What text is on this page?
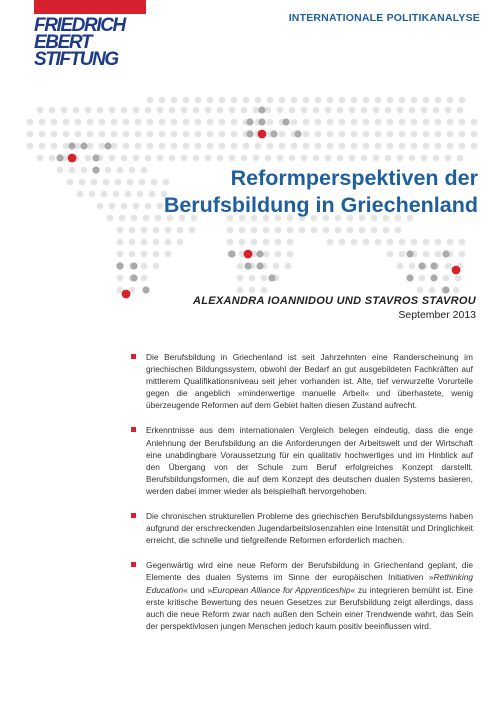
FRIEDRICH
EBERT
STIFTUNG
INTERNATIONALE POLITIKANALYSE
Reformperspektiven der
Berufsbildung in Griechenland
ALEXANDRA IOANNIDOU UND STAVROS STAVROU
September 2013
Die Berufsbildung in Griechenland ist seit Jahrzehnten eine Randerscheinung im griechischen Bildungssystem, obwohl der Bedarf an gut ausgebildeten Fachkräften auf mittlerem Qualifikationsniveau seit jeher vorhanden ist. Alte, tief verwurzelte Vorurteile gegen die angeblich »minderwertige manuelle Arbeit« und überhastete, wenig überzeugende Reformen auf dem Gebiet halten diesen Zustand aufrecht.
Erkenntnisse aus dem internationalen Vergleich belegen eindeutig, dass die enge Anlehnung der Berufsbildung an die Anforderungen der Arbeitswelt und der Wirtschaft eine unabdingbare Voraussetzung für ein qualitativ hochwertiges und im Hinblick auf den Übergang von der Schule zum Beruf erfolgreiches Konzept darstellt. Berufsbildungsformen, die auf dem Konzept des deutschen dualen Systems basieren, werden dabei immer wieder als beispielhaft hervorgehoben.
Die chronischen strukturellen Probleme des griechischen Berufsbildungssystems haben aufgrund der erschreckenden Jugendarbeitslosenzahlen eine Intensität und Dringlichkeit erreicht, die schnelle und tiefgreifende Reformen erforderlich machen.
Gegenwärtig wird eine neue Reform der Berufsbildung in Griechenland geplant, die Elemente des dualen Systems im Sinne der europäischen Initiativen »Rethinking Education« und »European Alliance for Apprenticeship« zu integrieren bemüht ist. Eine erste kritische Bewertung des neuen Gesetzes zur Berufsbildung zeigt allerdings, dass auch die neue Reform zwar nach außen den Schein einer Trendwende wahrt, das Sein der perspektivlosen jungen Menschen jedoch kaum positiv beeinflussen wird.
